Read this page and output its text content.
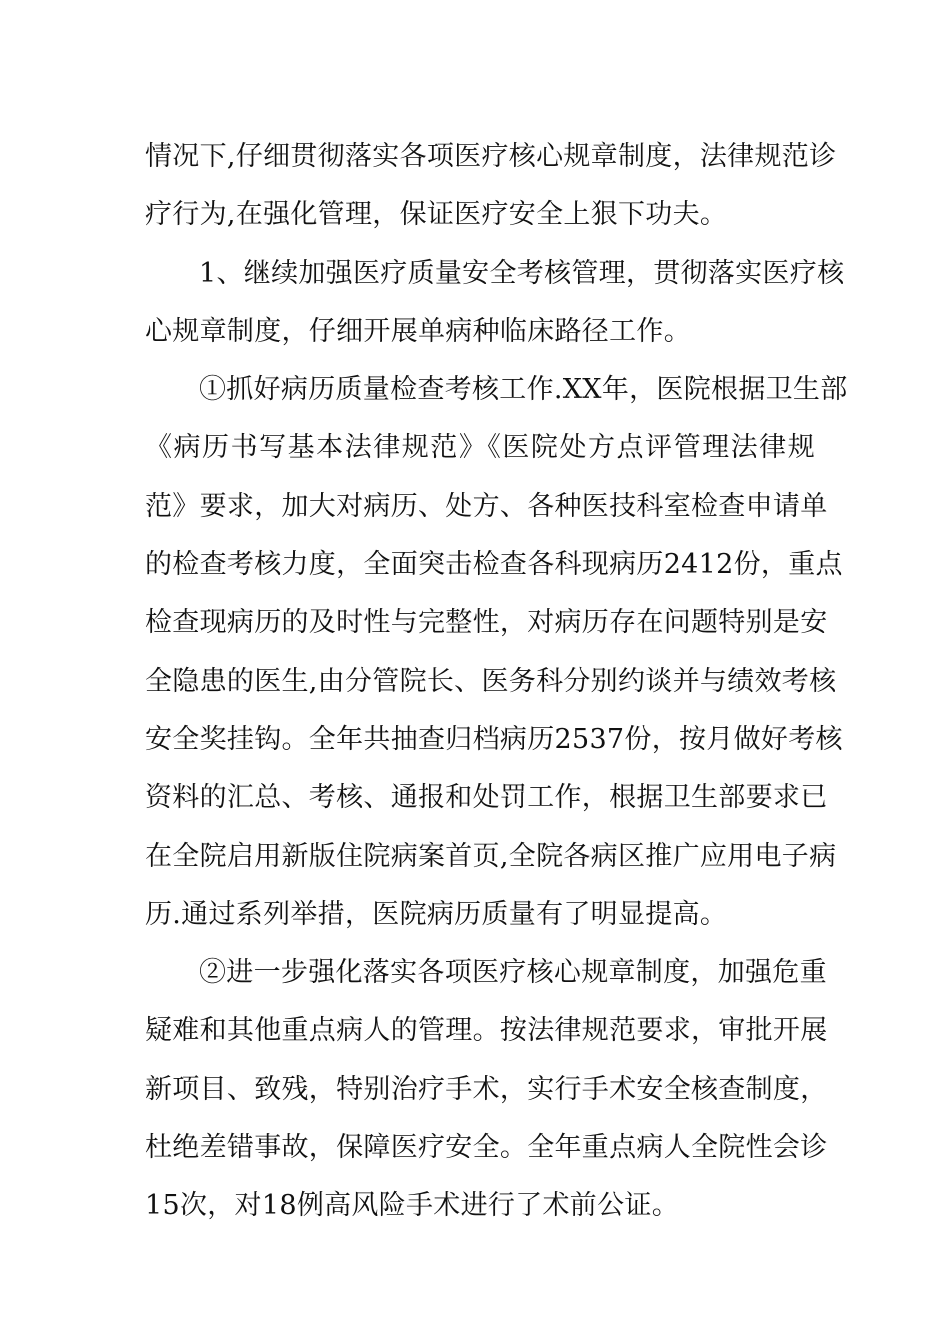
情况下,仔细贯彻落实各项医疗核心规章制度，法律规范诊
疗行为,在强化管理，保证医疗安全上狠下功夫。
1、继续加强医疗质量安全考核管理，贯彻落实医疗核
心规章制度，仔细开展单病种临床路径工作。
①抓好病历质量检查考核工作.XX年，医院根据卫生部
《病历书写基本法律规范》《医院处方点评管理法律规
范》要求，加大对病历、处方、各种医技科室检查申请单
的检查考核力度，全面突击检查各科现病历2412份，重点
检查现病历的及时性与完整性，对病历存在问题特别是安
全隐患的医生,由分管院长、医务科分别约谈并与绩效考核
安全奖挂钩。全年共抽查归档病历2537份，按月做好考核
资料的汇总、考核、通报和处罚工作，根据卫生部要求已
在全院启用新版住院病案首页,全院各病区推广应用电子病
历.通过系列举措，医院病历质量有了明显提高。
②进一步强化落实各项医疗核心规章制度，加强危重
疑难和其他重点病人的管理。按法律规范要求，审批开展
新项目、致残，特别治疗手术，实行手术安全核查制度，
杜绝差错事故，保障医疗安全。全年重点病人全院性会诊
15次，对18例高风险手术进行了术前公证。
